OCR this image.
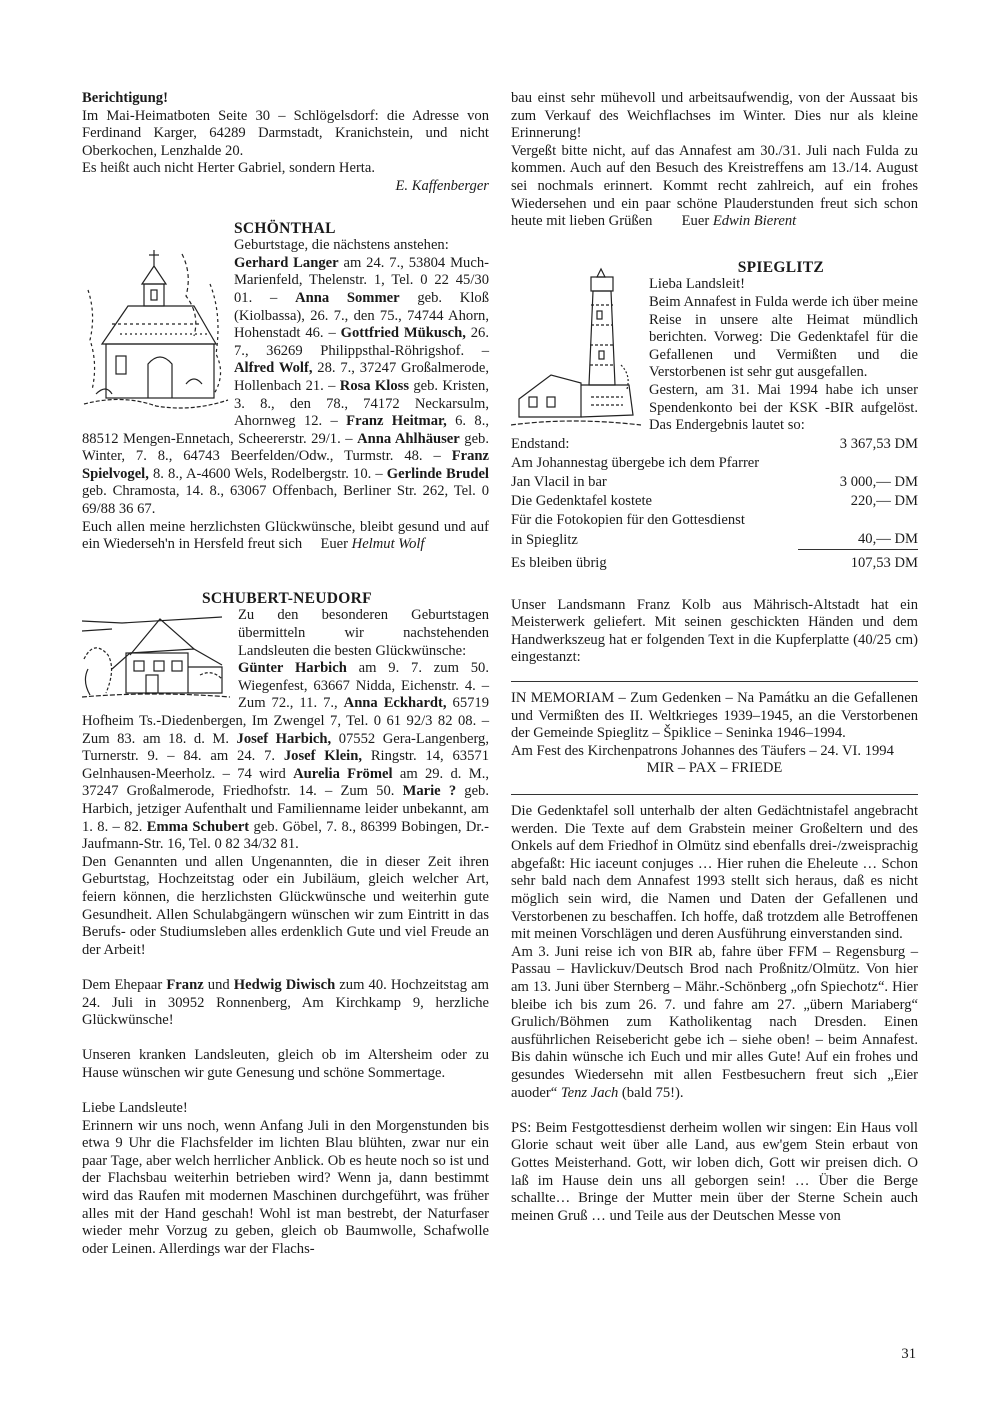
Berichtigung!

Im Mai-Heimatboten Seite 30 – Schlögelsdorf: die Adresse von Ferdinand Karger, 64289 Darmstadt, Kranichstein, und nicht Oberkochen, Lenzhalde 20.

Es heißt auch nicht Herter Gabriel, sondern Herta.

E. Kaffenberger

SCHÖNTHAL

Geburtstage, die nächstens anstehen:

Gerhard Langer am 24. 7., 53804 Much-Marienfeld, Thelenstr. 1, Tel. 0 22 45/30 01. – Anna Sommer geb. Kloß (Kiolbassa), 26. 7., den 75., 74744 Ahorn, Hohenstadt 46. – Gottfried Mükusch, 26. 7., 36269 Philippsthal-Röhrigshof. – Alfred Wolf, 28. 7., 37247 Großalmerode, Hollenbach 21. – Rosa Kloss geb. Kristen, 3. 8., den 78., 74172 Neckarsulm, Ahornweg 12. – Franz Heitmar, 6. 8., 88512 Mengen-Ennetach, Scheererstr. 29/1. – Anna Ahlhäuser geb. Winter, 7. 8., 64743 Beerfelden/Odw., Turmstr. 48. – Franz Spielvogel, 8. 8., A-4600 Wels, Rodelbergstr. 10. – Gerlinde Brudel geb. Chramosta, 14. 8., 63067 Offenbach, Berliner Str. 262, Tel. 0 69/88 36 67.

Euch allen meine herzlichsten Glückwünsche, bleibt gesund und auf ein Wiederseh'n in Hersfeld freut sich Euer Helmut Wolf

SCHUBERT-NEUDORF

Zu den besonderen Geburtstagen übermitteln wir nachstehenden Landsleuten die besten Glückwünsche:

Günter Harbich am 9. 7. zum 50. Wiegenfest, 63667 Nidda, Eichenstr. 4. – Zum 72., 11. 7., Anna Eckhardt, 65719 Hofheim Ts.-Diedenbergen, Im Zwengel 7, Tel. 0 61 92/3 82 08. – Zum 83. am 18. d. M. Josef Harbich, 07552 Gera-Langenberg, Turnerstr. 9. – 84. am 24. 7. Josef Klein, Ringstr. 14, 63571 Gelnhausen-Meerholz. – 74 wird Aurelia Frömel am 29. d. M., 37247 Großalmerode, Friedhofstr. 14. – Zum 50. Marie ? geb. Harbich, jetziger Aufenthalt und Familienname leider unbekannt, am 1. 8. – 82. Emma Schubert geb. Göbel, 7. 8., 86399 Bobingen, Dr.-Jaufmann-Str. 16, Tel. 0 82 34/32 81.

Den Genannten und allen Ungenannten, die in dieser Zeit ihren Geburtstag, Hochzeitstag oder ein Jubiläum, gleich welcher Art, feiern können, die herzlichsten Glückwünsche und weiterhin gute Gesundheit. Allen Schulabgängern wünschen wir zum Eintritt in das Berufs- oder Studiumsleben alles erdenklich Gute und viel Freude an der Arbeit!

Dem Ehepaar Franz und Hedwig Diwisch zum 40. Hochzeitstag am 24. Juli in 30952 Ronnenberg, Am Kirchkamp 9, herzliche Glückwünsche!

Unseren kranken Landsleuten, gleich ob im Altersheim oder zu Hause wünschen wir gute Genesung und schöne Sommertage.

Liebe Landsleute!

Erinnern wir uns noch, wenn Anfang Juli in den Morgenstunden bis etwa 9 Uhr die Flachsfelder im lichten Blau blühten, zwar nur ein paar Tage, aber welch herrlicher Anblick. Ob es heute noch so ist und der Flachsbau weiterhin betrieben wird? Wenn ja, dann bestimmt wird das Raufen mit modernen Maschinen durchgeführt, was früher alles mit der Hand geschah! Wohl ist man bestrebt, der Naturfaser wieder mehr Vorzug zu geben, gleich ob Baumwolle, Schafwolle oder Leinen. Allerdings war der Flachs-

bau einst sehr mühevoll und arbeitsaufwendig, von der Aussaat bis zum Verkauf des Weichflachses im Winter. Dies nur als kleine Erinnerung!

Vergeßt bitte nicht, auf das Annafest am 30./31. Juli nach Fulda zu kommen. Auch auf den Besuch des Kreistreffens am 13./14. August sei nochmals erinnert. Kommt recht zahlreich, auf ein frohes Wiedersehen und ein paar schöne Plauderstunden freut sich schon heute mit lieben Grüßen Euer Edwin Bierent

SPIEGLITZ

Lieba Landsleit!

Beim Annafest in Fulda werde ich über meine Reise in unsere alte Heimat mündlich berichten. Vorweg: Die Gedenktafel für die Gefallenen und Vermißten und die Verstorbenen ist sehr gut ausgefallen.

Gestern, am 31. Mai 1994 habe ich unser Spendenkonto bei der KSK -BIR aufgelöst. Das Endergebnis lautet so:

Endstand:	3 367,53 DM
Am Johannestag übergebe ich dem Pfarrer	
Jan Vlacil in bar	3 000,— DM
Die Gedenktafel kostete	220,— DM
Für die Fotokopien für den Gottesdienst	
in Spieglitz	40,— DM
Es bleiben übrig	107,53 DM

Unser Landsmann Franz Kolb aus Mährisch-Altstadt hat ein Meisterwerk geliefert. Mit seinen geschickten Händen und dem Handwerkszeug hat er folgenden Text in die Kupferplatte (40/25 cm) eingestanzt:

IN MEMORIAM – Zum Gedenken – Na Památku an die Gefallenen und Vermißten des II. Weltkrieges 1939–1945, an die Verstorbenen der Gemeinde Spieglitz – Špiklice – Seninka 1946–1994.

Am Fest des Kirchenpatrons Johannes des Täufers – 24. VI. 1994

MIR – PAX – FRIEDE

Die Gedenktafel soll unterhalb der alten Gedächtnistafel angebracht werden. Die Texte auf dem Grabstein meiner Großeltern und des Onkels auf dem Friedhof in Olmütz sind ebenfalls drei-/zweisprachig abgefaßt: Hic iaceunt conjuges … Hier ruhen die Eheleute … Schon sehr bald nach dem Annafest 1993 stellt sich heraus, daß es nicht möglich sein wird, die Namen und Daten der Gefallenen und Verstorbenen zu beschaffen. Ich hoffe, daß trotzdem alle Betroffenen mit meinen Vorschlägen und deren Ausführung einverstanden sind.

Am 3. Juni reise ich von BIR ab, fahre über FFM – Regensburg – Passau – Havlickuv/Deutsch Brod nach Proßnitz/Olmütz. Von hier am 13. Juni über Sternberg – Mähr.-Schönberg „ofn Spiechotz“. Hier bleibe ich bis zum 26. 7. und fahre am 27. „übern Mariaberg“ Grulich/Böhmen zum Katholikentag nach Dresden. Einen ausführlichen Reisebericht gebe ich – siehe oben! – beim Annafest. Bis dahin wünsche ich Euch und mir alles Gute! Auf ein frohes und gesundes Wiedersehn mit allen Festbesuchern freut sich „Eier auoder“ Tenz Jach (bald 75!).

PS: Beim Festgottesdienst derheim wollen wir singen: Ein Haus voll Glorie schaut weit über alle Land, aus ew'gem Stein erbaut von Gottes Meisterhand. Gott, wir loben dich, Gott wir preisen dich. O laß im Hause dein uns all geborgen sein! … Über die Berge schallte… Bringe der Mutter mein über der Sterne Schein auch meinen Gruß … und Teile aus der Deutschen Messe von

31
